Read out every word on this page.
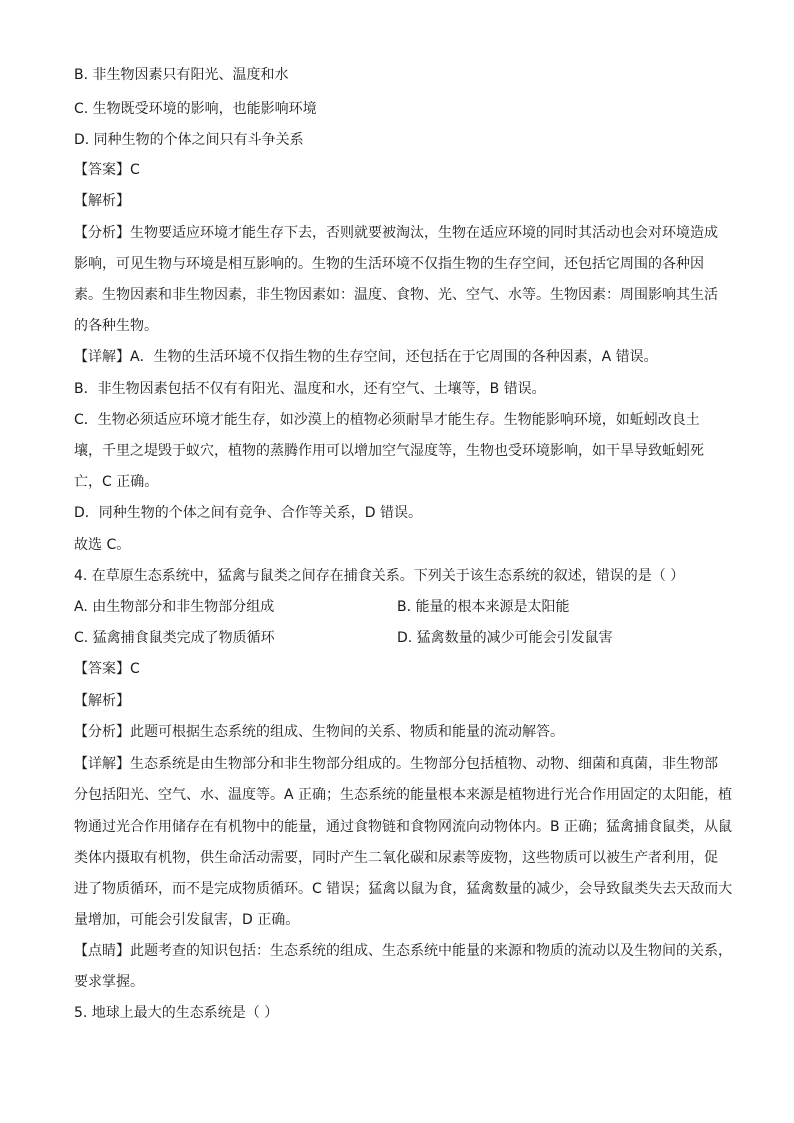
B. 非生物因素只有阳光、温度和水
C. 生物既受环境的影响，也能影响环境
D. 同种生物的个体之间只有斗争关系
【答案】C
【解析】
【分析】生物要适应环境才能生存下去，否则就要被淘汰，生物在适应环境的同时其活动也会对环境造成
影响，可见生物与环境是相互影响的。生物的生活环境不仅指生物的生存空间，还包括它周围的各种因
素。生物因素和非生物因素，非生物因素如：温度、食物、光、空气、水等。生物因素：周围影响其生活
的各种生物。
【详解】A．生物的生活环境不仅指生物的生存空间，还包括在于它周围的各种因素，A 错误。
B．非生物因素包括不仅有有阳光、温度和水，还有空气、土壤等，B 错误。
C．生物必须适应环境才能生存，如沙漠上的植物必须耐旱才能生存。生物能影响环境，如蚯蚓改良土
壤，千里之堤毁于蚁穴，植物的蒸腾作用可以增加空气湿度等，生物也受环境影响，如干旱导致蚯蚓死
亡，C 正确。
D．同种生物的个体之间有竞争、合作等关系，D 错误。
故选 C。
4. 在草原生态系统中，猛禽与鼠类之间存在捕食关系。下列关于该生态系统的叙述，错误的是（ ）
A. 由生物部分和非生物部分组成	B. 能量的根本来源是太阳能
C. 猛禽捕食鼠类完成了物质循环	D. 猛禽数量的减少可能会引发鼠害
【答案】C
【解析】
【分析】此题可根据生态系统的组成、生物间的关系、物质和能量的流动解答。
【详解】生态系统是由生物部分和非生物部分组成的。生物部分包括植物、动物、细菌和真菌，非生物部
分包括阳光、空气、水、温度等。A 正确；生态系统的能量根本来源是植物进行光合作用固定的太阳能，植
物通过光合作用储存在有机物中的能量，通过食物链和食物网流向动物体内。B 正确；猛禽捕食鼠类，从鼠
类体内摄取有机物，供生命活动需要，同时产生二氧化碳和尿素等废物，这些物质可以被生产者利用，促
进了物质循环，而不是完成物质循环。C 错误；猛禽以鼠为食，猛禽数量的减少，会导致鼠类失去天敌而大
量增加，可能会引发鼠害，D 正确。
【点睛】此题考查的知识包括：生态系统的组成、生态系统中能量的来源和物质的流动以及生物间的关系，
要求掌握。
5. 地球上最大的生态系统是（ ）
